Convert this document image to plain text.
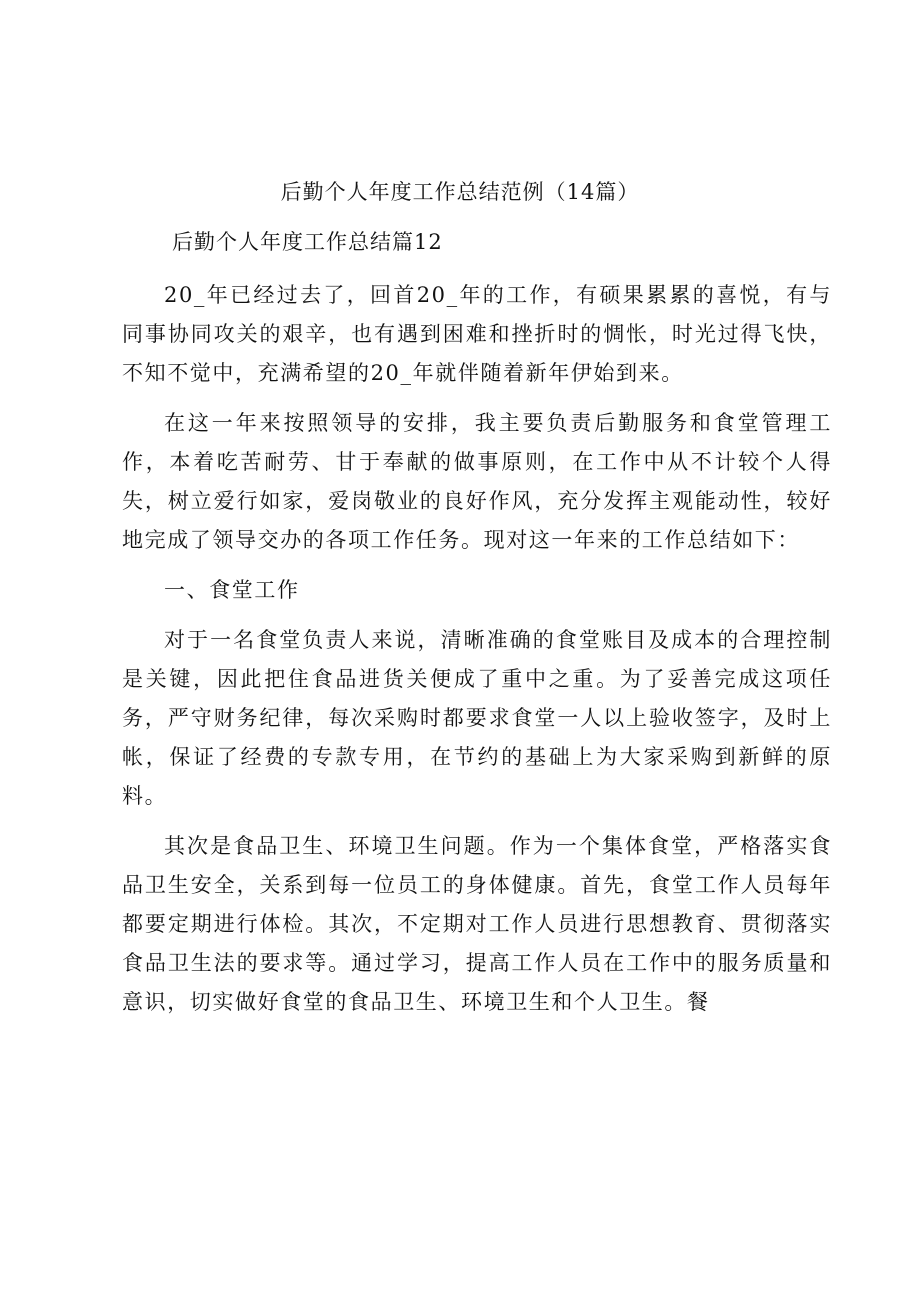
后勤个人年度工作总结范例（14篇）
后勤个人年度工作总结篇12

20_年已经过去了，回首20_年的工作，有硕果累累的喜悦，有与同事协同攻关的艰辛，也有遇到困难和挫折时的惆怅，时光过得飞快，不知不觉中，充满希望的20_年就伴随着新年伊始到来。

在这一年来按照领导的安排，我主要负责后勤服务和食堂管理工作，本着吃苦耐劳、甘于奉献的做事原则，在工作中从不计较个人得失，树立爱行如家，爱岗敬业的良好作风，充分发挥主观能动性，较好地完成了领导交办的各项工作任务。现对这一年来的工作总结如下：

一、食堂工作

对于一名食堂负责人来说，清晰准确的食堂账目及成本的合理控制是关键，因此把住食品进货关便成了重中之重。为了妥善完成这项任务，严守财务纪律，每次采购时都要求食堂一人以上验收签字，及时上帐，保证了经费的专款专用，在节约的基础上为大家采购到新鲜的原料。

其次是食品卫生、环境卫生问题。作为一个集体食堂，严格落实食品卫生安全，关系到每一位员工的身体健康。首先，食堂工作人员每年都要定期进行体检。其次，不定期对工作人员进行思想教育、贯彻落实食品卫生法的要求等。通过学习，提高工作人员在工作中的服务质量和意识，切实做好食堂的食品卫生、环境卫生和个人卫生。餐
